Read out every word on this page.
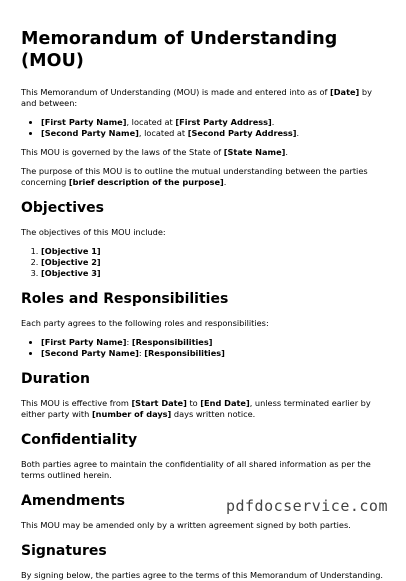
Memorandum of Understanding (MOU)

This Memorandum of Understanding (MOU) is made and entered into as of [Date] by and between:

• [First Party Name], located at [First Party Address].
• [Second Party Name], located at [Second Party Address].

This MOU is governed by the laws of the State of [State Name].

The purpose of this MOU is to outline the mutual understanding between the parties concerning [brief description of the purpose].

Objectives

The objectives of this MOU include:

1. [Objective 1]
2. [Objective 2]
3. [Objective 3]
Roles and Responsibilities

Each party agrees to the following roles and responsibilities:

• [First Party Name]: [Responsibilities]
• [Second Party Name]: [Responsibilities]
Duration

This MOU is effective from [Start Date] to [End Date], unless terminated earlier by either party with [number of days] days written notice.

Confidentiality

Both parties agree to maintain the confidentiality of all shared information as per the terms outlined herein.

Amendments

This MOU may be amended only by a written agreement signed by both parties.

Signatures

By signing below, the parties agree to the terms of this Memorandum of Understanding.

pdfdocservice.com
